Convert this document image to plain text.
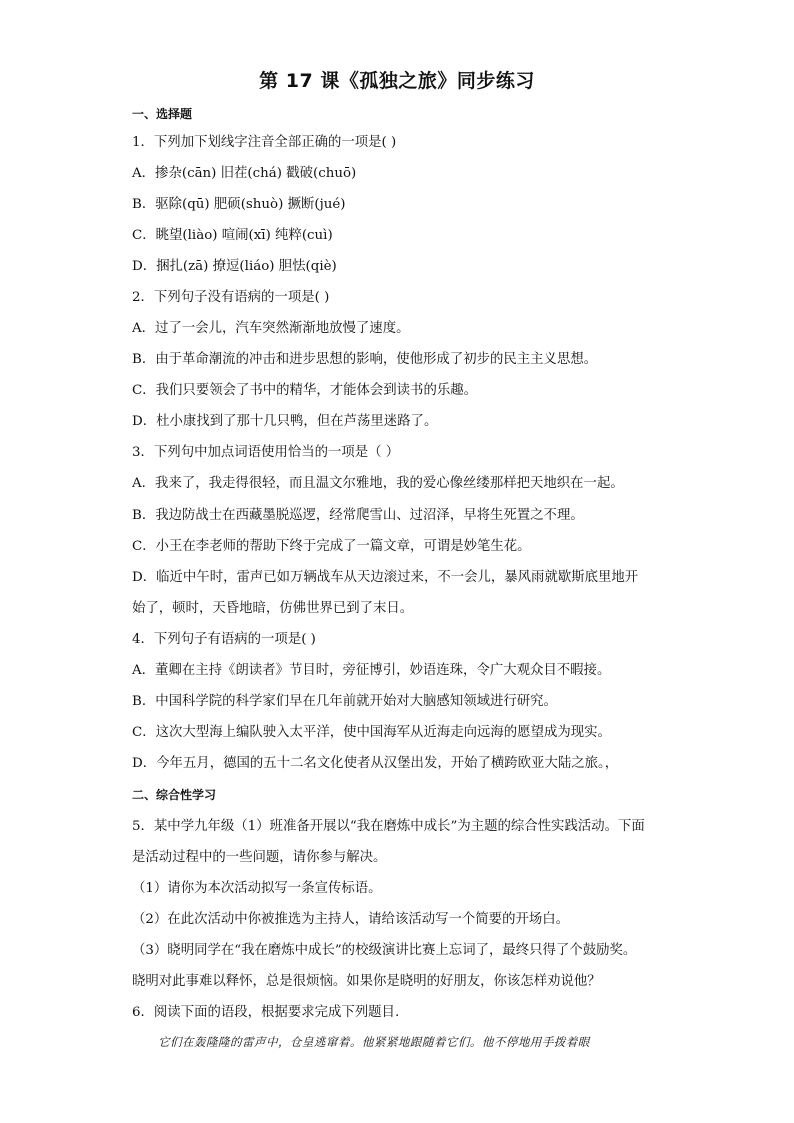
第 17 课《孤独之旅》同步练习
一、选择题
1．下列加下划线字注音全部正确的一项是( )
A．掺杂(cān) 旧茬(chá) 戳破(chuō)
B．驱除(qū) 肥硕(shuò) 撅断(jué)
C．眺望(liào) 喧闹(xī) 纯粹(cuì)
D．捆扎(zā) 撩逗(liáo) 胆怯(qiè)
2．下列句子没有语病的一项是( )
A．过了一会儿，汽车突然渐渐地放慢了速度。
B．由于革命潮流的冲击和进步思想的影响，使他形成了初步的民主主义思想。
C．我们只要领会了书中的精华，才能体会到读书的乐趣。
D．杜小康找到了那十几只鸭，但在芦荡里迷路了。
3．下列句中加点词语使用恰当的一项是（ ）
A．我来了，我走得很轻，而且温文尔雅地，我的爱心像丝缕那样把天地织在一起。
B．我边防战士在西藏墨脱巡逻，经常爬雪山、过沼泽，早将生死置之不理。
C．小王在李老师的帮助下终于完成了一篇文章，可谓是妙笔生花。
D．临近中午时，雷声已如万辆战车从天边滚过来，不一会儿，暴风雨就歇斯底里地开
始了，顿时，天昏地暗，仿佛世界已到了末日。
4．下列句子有语病的一项是( )
A．董卿在主持《朗读者》节目时，旁征博引，妙语连珠，令广大观众目不暇接。
B．中国科学院的科学家们早在几年前就开始对大脑感知领域进行研究。
C．这次大型海上编队驶入太平洋，使中国海军从近海走向远海的愿望成为现实。
D．今年五月，德国的五十二名文化使者从汉堡出发，开始了横跨欧亚大陆之旅。，
二、综合性学习
5．某中学九年级（1）班准备开展以“我在磨炼中成长”为主题的综合性实践活动。下面
是活动过程中的一些问题，请你参与解决。
（1）请你为本次活动拟写一条宣传标语。
（2）在此次活动中你被推选为主持人，请给该活动写一个简要的开场白。
（3）晓明同学在“我在磨炼中成长”的校级演讲比赛上忘词了，最终只得了个鼓励奖。
晓明对此事难以释怀，总是很烦恼。如果你是晓明的好朋友，你该怎样劝说他？
6．阅读下面的语段，根据要求完成下列题目.
它们在轰隆隆的雷声中，仓皇逃窜着。他紧紧地跟随着它们。他不停地用手拨着眼
